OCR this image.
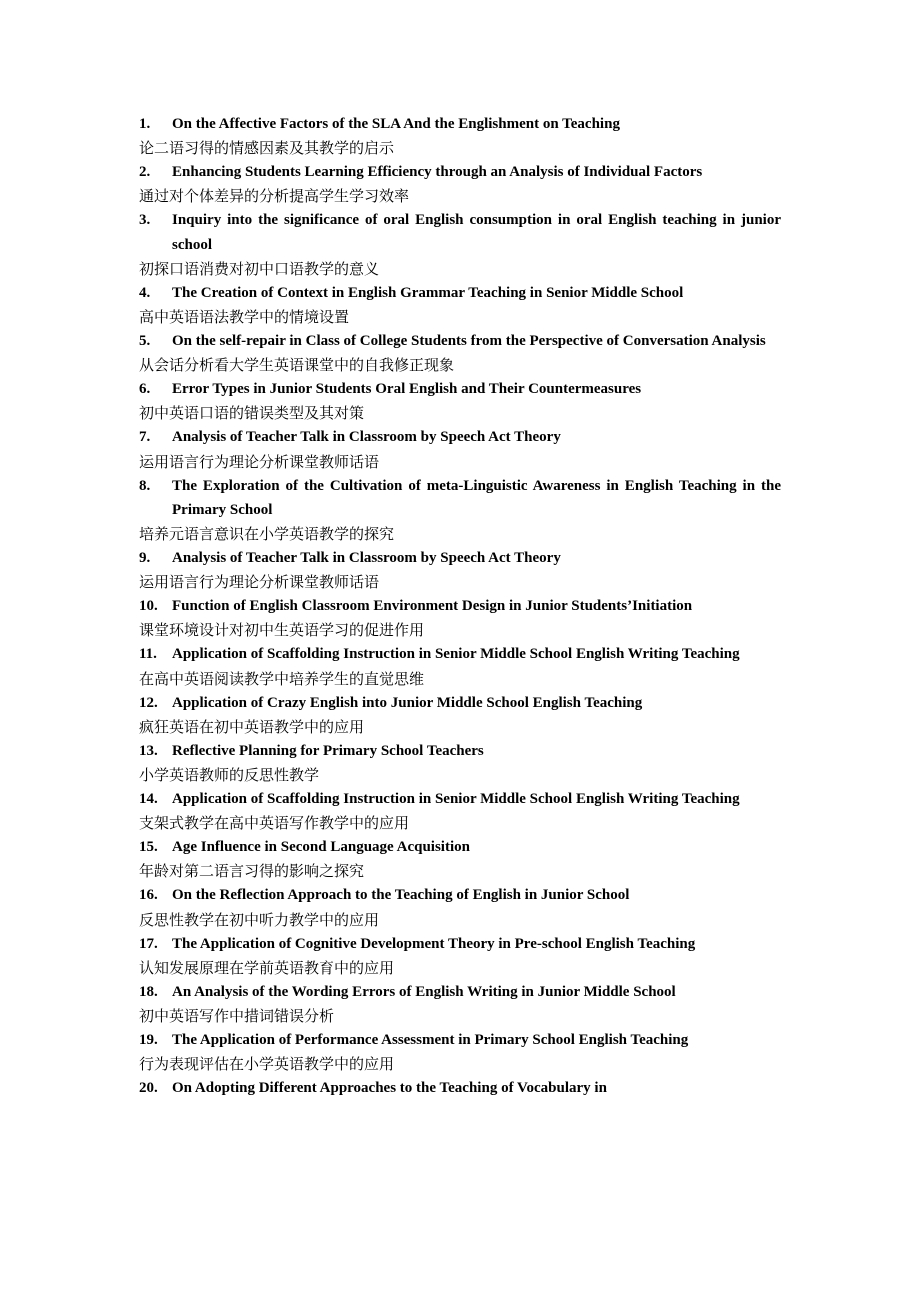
1.	On the Affective Factors of the SLA And the Englishment on Teaching
论二语习得的情感因素及其教学的启示
2.	Enhancing Students Learning Efficiency through an Analysis of Individual Factors
通过对个体差异的分析提高学生学习效率
3.	Inquiry into the significance of oral English consumption in oral English teaching in junior school
初探口语消费对初中口语教学的意义
4.	The Creation of Context in English Grammar Teaching in Senior Middle School
高中英语语法教学中的情境设置
5.	On the self-repair in Class of College Students from the Perspective of Conversation Analysis
从会话分析看大学生英语课堂中的自我修正现象
6.	Error Types in Junior Students Oral English and Their Countermeasures
初中英语口语的错误类型及其对策
7.	Analysis of Teacher Talk in Classroom by Speech Act Theory
运用语言行为理论分析课堂教师话语
8.	The Exploration of the Cultivation of meta-Linguistic Awareness in English Teaching in the Primary School
培养元语言意识在小学英语教学的探究
9.	Analysis of Teacher Talk in Classroom by Speech Act Theory
运用语言行为理论分析课堂教师话语
10. Function of English Classroom Environment Design in Junior Students’Initiation
课堂环境设计对初中生英语学习的促进作用
11.	Application of Scaffolding Instruction in Senior Middle School English Writing Teaching
在高中英语阅读教学中培养学生的直觉思维
12. Application of Crazy English into Junior Middle School English Teaching
疯狂英语在初中英语教学中的应用
13. Reflective Planning for Primary School Teachers
小学英语教师的反思性教学
14. Application of Scaffolding Instruction in Senior Middle School English Writing Teaching
支架式教学在高中英语写作教学中的应用
15. Age Influence in Second Language Acquisition
年龄对第二语言习得的影响之探究
16. On the Reflection Approach to the Teaching of English in Junior School
反思性教学在初中听力教学中的应用
17. The Application of Cognitive Development Theory in Pre-school English Teaching
认知发展原理在学前英语教育中的应用
18. An Analysis of the Wording Errors of English Writing in Junior Middle School
初中英语写作中措词错误分析
19. The Application of Performance Assessment in Primary School English Teaching
行为表现评估在小学英语教学中的应用
20. On Adopting Different Approaches to the Teaching of Vocabulary in
